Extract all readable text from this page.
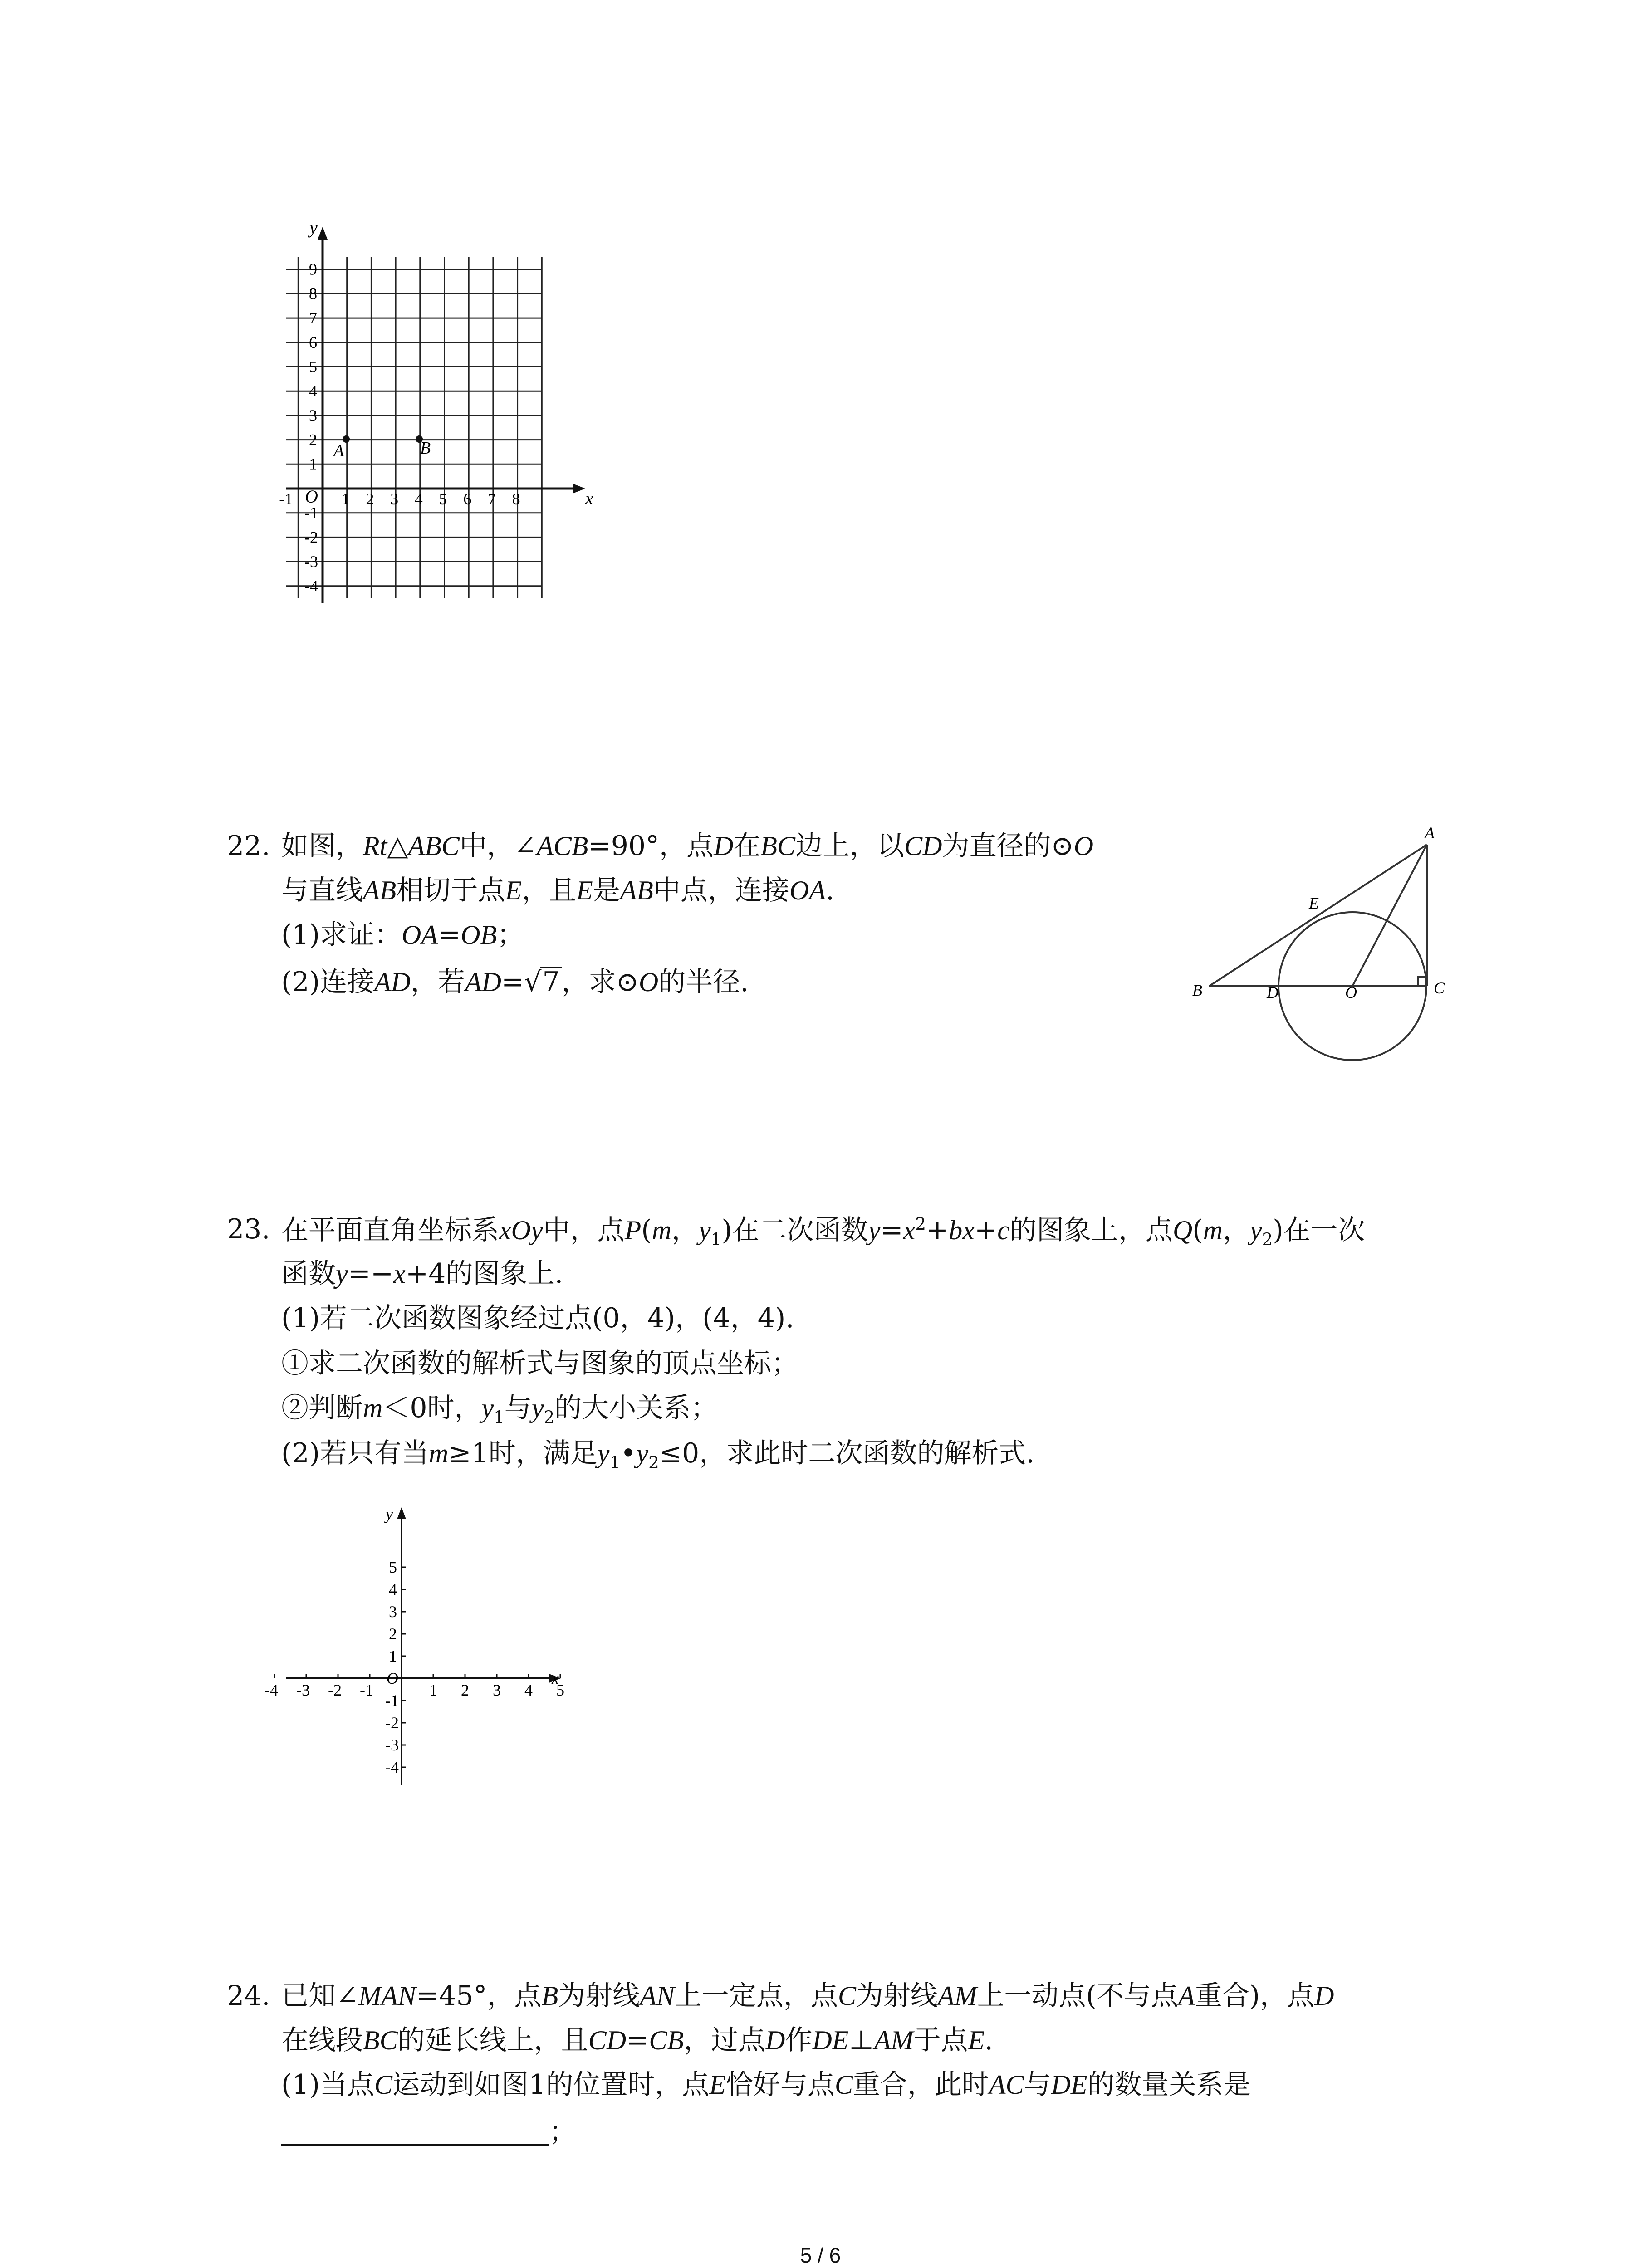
x
y
O
-1	1 2 3 4 5 6 7 8
9
8
7
6
5
4
3
2
1
-1
-2
-3
-4
A	B
22. 如图，Rt△ABC中，∠ACB=90°，点D在BC边上，以CD为直径的⊙O
与直线AB相切于点E，且E是AB中点，连接OA.
(1)求证：OA=OB；
(2)连接AD，若AD=√7，求⊙O的半径.
A
E
B	D	O	C
23. 在平面直角坐标系xOy中，点P(m，$y_1$)在二次函数$y=x^2+bx+c$的图象上，点Q(m，$y_2$)在一次
函数y=−x+4的图象上.
(1)若二次函数图象经过点(0，4)，(4，4).
①求二次函数的解析式与图象的顶点坐标；
②判断m＜0时，$y_1$与$y_2$的大小关系；
(2)若只有当m≥1时，满足$y_1•y_2\le 0$，求此时二次函数的解析式.
-4 -3 -2 -1	1 2 3 4 5
5
4
3
2
1
-1
-2
-3
-4
x
y
O
24. 已知∠MAN=45°，点B为射线AN上一定点，点C为射线AM上一动点(不与点A重合)，点D
在线段BC的延长线上，且CD=CB，过点D作DE⊥AM于点E.
(1)当点C运动到如图1的位置时，点E恰好与点C重合，此时AC与DE的数量关系是
；
5 / 6
